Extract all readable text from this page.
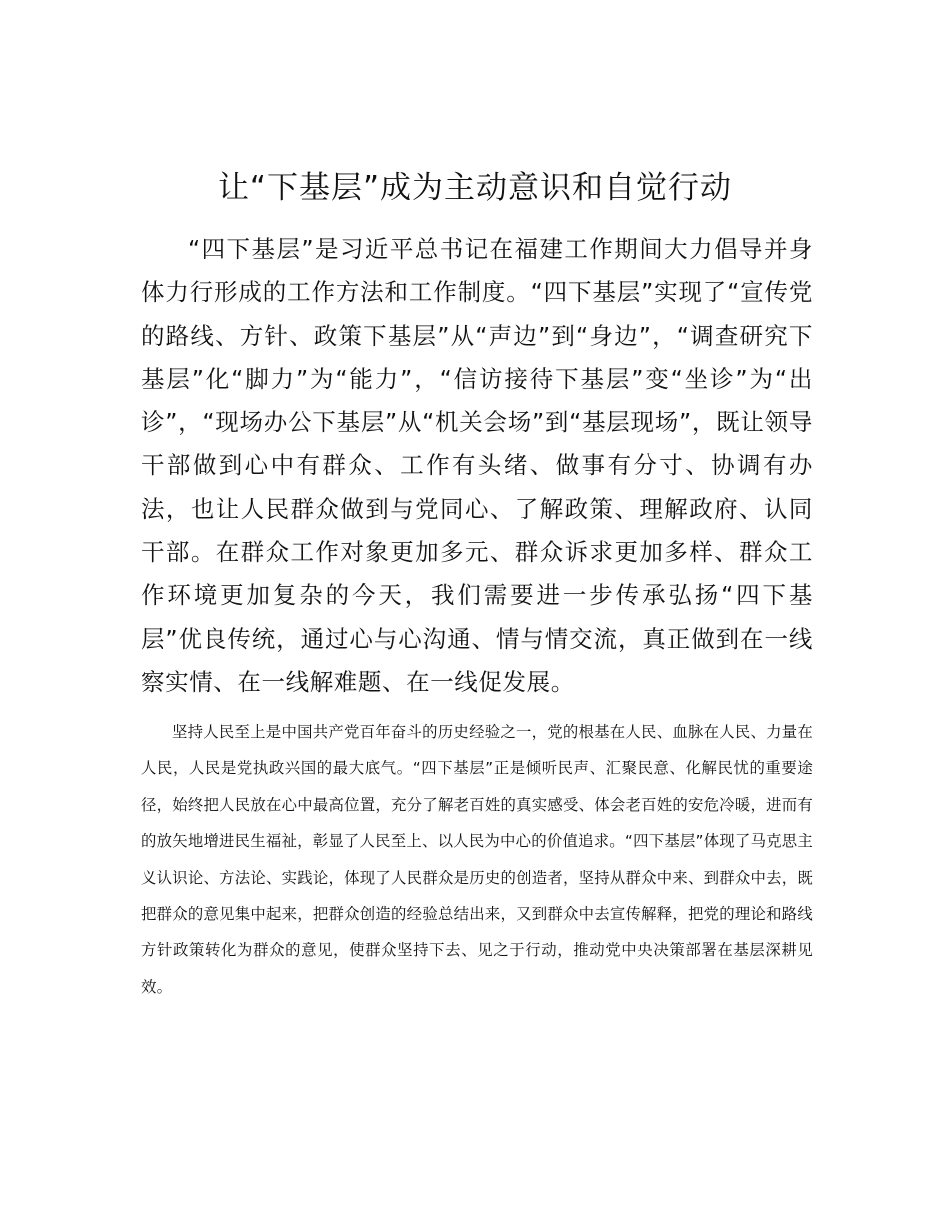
让“下基层”成为主动意识和自觉行动

“四下基层”是习近平总书记在福建工作期间大力倡导并身体力行形成的工作方法和工作制度。“四下基层”实现了“宣传党的路线、方针、政策下基层”从“声边”到“身边”，“调查研究下基层”化“脚力”为“能力”，“信访接待下基层”变“坐诊”为“出诊”，“现场办公下基层”从“机关会场”到“基层现场”，既让领导干部做到心中有群众、工作有头绪、做事有分寸、协调有办法，也让人民群众做到与党同心、了解政策、理解政府、认同干部。在群众工作对象更加多元、群众诉求更加多样、群众工作环境更加复杂的今天，我们需要进一步传承弘扬“四下基层”优良传统，通过心与心沟通、情与情交流，真正做到在一线察实情、在一线解难题、在一线促发展。

坚持人民至上是中国共产党百年奋斗的历史经验之一，党的根基在人民、血脉在人民、力量在人民，人民是党执政兴国的最大底气。“四下基层”正是倾听民声、汇聚民意、化解民忧的重要途径，始终把人民放在心中最高位置，充分了解老百姓的真实感受、体会老百姓的安危冷暖，进而有的放矢地增进民生福祉，彰显了人民至上、以人民为中心的价值追求。“四下基层”体现了马克思主义认识论、方法论、实践论，体现了人民群众是历史的创造者，坚持从群众中来、到群众中去，既把群众的意见集中起来，把群众创造的经验总结出来，又到群众中去宣传解释，把党的理论和路线方针政策转化为群众的意见，使群众坚持下去、见之于行动，推动党中央决策部署在基层深耕见效。
